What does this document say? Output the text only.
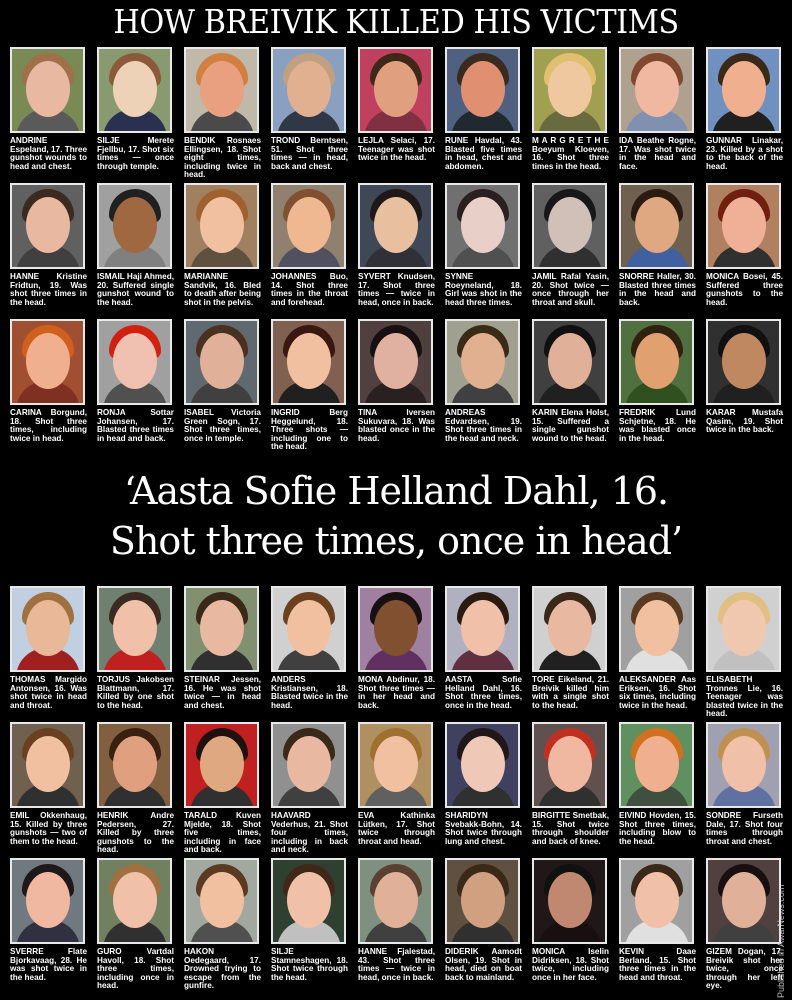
HOW BREIVIK KILLED HIS VICTIMS
ANDRINE Espeland, 17. Three gunshot wounds to head and chest.
SILJE Merete Fjellbu, 17. Shot six times — once through temple.
BENDIK Rosnaes Ellingsen, 18. Shot eight times, including twice in head.
TROND Berntsen, 51. Shot three times — in head, back and chest.
LEJLA Selaci, 17. Teenager was shot twice in the head.
RUNE Havdal, 43. Blasted five times in head, chest and abdomen.
M A R G R E T H E Boeyum Kloeven, 16. Shot three times in the head.
IDA Beathe Rogne, 17. Was shot twice in the head and face.
GUNNAR Linakar, 23. Killed by a shot to the back of the head.
HANNE Kristine Fridtun, 19. Was shot three times in the head.
ISMAIL Haji Ahmed, 20. Suffered single gunshot wound to the head.
MARIANNE Sandvik, 16. Bled to death after being shot in the pelvis.
JOHANNES Buo, 14. Shot three times in the throat and forehead.
SYVERT Knudsen, 17. Shot three times — twice in head, once in back.
SYNNE Roeyneland, 18. Girl was shot in the head three times.
JAMIL Rafal Yasin, 20. Shot twice — once through her throat and skull.
SNORRE Haller, 30. Blasted three times in the head and back.
MONICA Bosei, 45. Suffered three gunshots to the head.
CARINA Borgund, 18. Shot three times, including twice in head.
RONJA Sottar Johansen, 17. Blasted three times in head and back.
ISABEL Victoria Green Sogn, 17. Shot three times, once in temple.
INGRID Berg Heggelund, 18. Three shots — including one to the head.
TINA Iversen Sukuvara, 18. Was blasted once in the head.
ANDREAS Edvardsen, 19. Shot three times in the head and neck.
KARIN Elena Holst, 15. Suffered a single gunshot wound to the head.
FREDRIK Lund Schjetne, 18. He was blasted once in the head.
KARAR Mustafa Qasim, 19. Shot twice in the back.
‘Aasta Sofie Helland Dahl, 16.
Shot three times, once in head’
THOMAS Margido Antonsen, 16. Was shot twice in head and throat.
TORJUS Jakobsen Blattmann, 17. Killed by one shot to the head.
STEINAR Jessen, 16. He was shot twice — in head and chest.
ANDERS Kristiansen, 18. Blasted twice in the head.
MONA Abdinur, 18. Shot three times — in her head and back.
AASTA Sofie Helland Dahl, 16. Shot three times, once in the head.
TORE Eikeland, 21. Breivik killed him with a single shot to the head.
ALEKSANDER Aas Eriksen, 16. Shot six times, including twice in the head.
ELISABETH Tronnes Lie, 16. Teenager was blasted twice in the head.
EMIL Okkenhaug, 15. Killed by three gunshots — two of them to the head.
HENRIK Andre Pedersen, 27. Killed by three gunshots to the head.
TARALD Kuven Mjelde, 18. Shot five times, including in face and back.
HAAVARD Vederhus, 21. Shot four times, including in back and neck.
EVA Kathinka Lütken, 17. Shot twice through throat and head.
SHARIDYN Svebakk-Bohn, 14. Shot twice through lung and chest.
BIRGITTE Smetbak, 15. Shot twice through shoulder and back of knee.
EIVIND Hovden, 15. Shot three times, including blow to the head.
SONDRE Furseth Dale, 17. Shot four times through throat and chest.
SVERRE Flate Bjorkavaag, 28. He was shot twice in the head.
GURO Vartdal Havoll, 18. Shot three times, including once in head.
HAKON Oedegaard, 17. Drowned trying to escape from the gunfire.
SILJE Stamneshagen, 18. Shot twice through the head.
HANNE Fjalestad, 43. Shot three times — twice in head, once in back.
DIDERIK Aamodt Olsen, 19. Shot in head, died on boat back to mainland.
MONICA Iselin Didriksen, 18. Shot twice, including once in her face.
KEVIN Daae Berland, 15. Shot three times in the head and throat.
GIZEM Dogan, 17. Breivik shot her twice, once through her left eye.	Published in AwarNews.com
